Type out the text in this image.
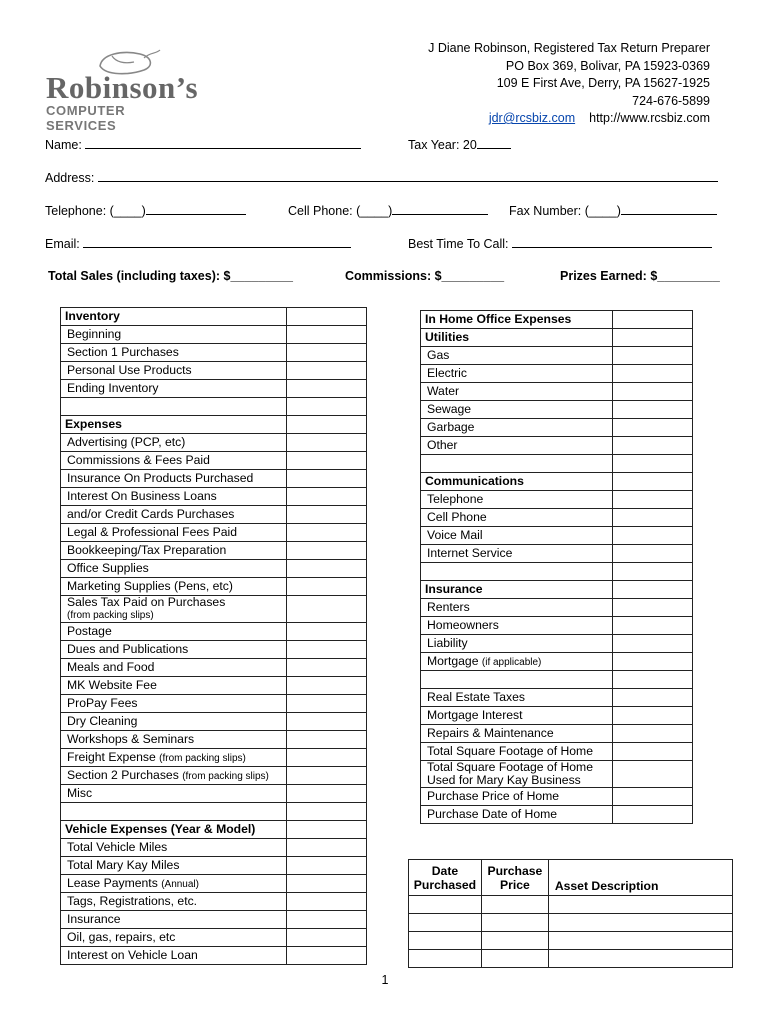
Robinson’s
COMPUTER SERVICES
J Diane Robinson, Registered Tax Return Preparer
PO Box 369, Bolivar, PA 15923-0369
109 E First Ave, Derry, PA 15627-1925
724-676-5899
jdr@rcsbiz.com http://www.rcsbiz.com
Name:	Tax Year: 20
Address:
Telephone: (____)	Cell Phone: (____)	Fax Number: (____)
Email:	Best Time To Call:
Total Sales (including taxes): $_________	Commissions: $_________	Prizes Earned: $_________
Inventory	
Beginning	
Section 1 Purchases	
Personal Use Products	
Ending Inventory	

Expenses	
Advertising (PCP, etc)	
Commissions & Fees Paid	
Insurance On Products Purchased	
Interest On Business Loans	
and/or Credit Cards Purchases	
Legal & Professional Fees Paid	
Bookkeeping/Tax Preparation	
Office Supplies	
Marketing Supplies (Pens, etc)	
Sales Tax Paid on Purchases
(from packing slips)	

Postage	
Dues and Publications	
Meals and Food	
MK Website Fee	
ProPay Fees	
Dry Cleaning	
Workshops & Seminars	
Freight Expense (from packing slips)	
Section 2 Purchases (from packing slips)	
Misc	

Vehicle Expenses (Year & Model)	
Total Vehicle Miles	
Total Mary Kay Miles	
Lease Payments (Annual)	
Tags, Registrations, etc.	
Insurance	
Oil, gas, repairs, etc	
Interest on Vehicle Loan	
In Home Office Expenses	
Utilities	
Gas	
Electric	
Water	
Sewage	
Garbage	
Other	

Communications	
Telephone	
Cell Phone	
Voice Mail	
Internet Service	

Insurance	
Renters	
Homeowners	
Liability	
Mortgage (if applicable)	

Real Estate Taxes	
Mortgage Interest	
Repairs & Maintenance	
Total Square Footage of Home	
Total Square Footage of Home
Used for Mary Kay Business	

Purchase Price of Home	
Purchase Date of Home	
Date Purchased	Purchase Price	Asset Description

1
